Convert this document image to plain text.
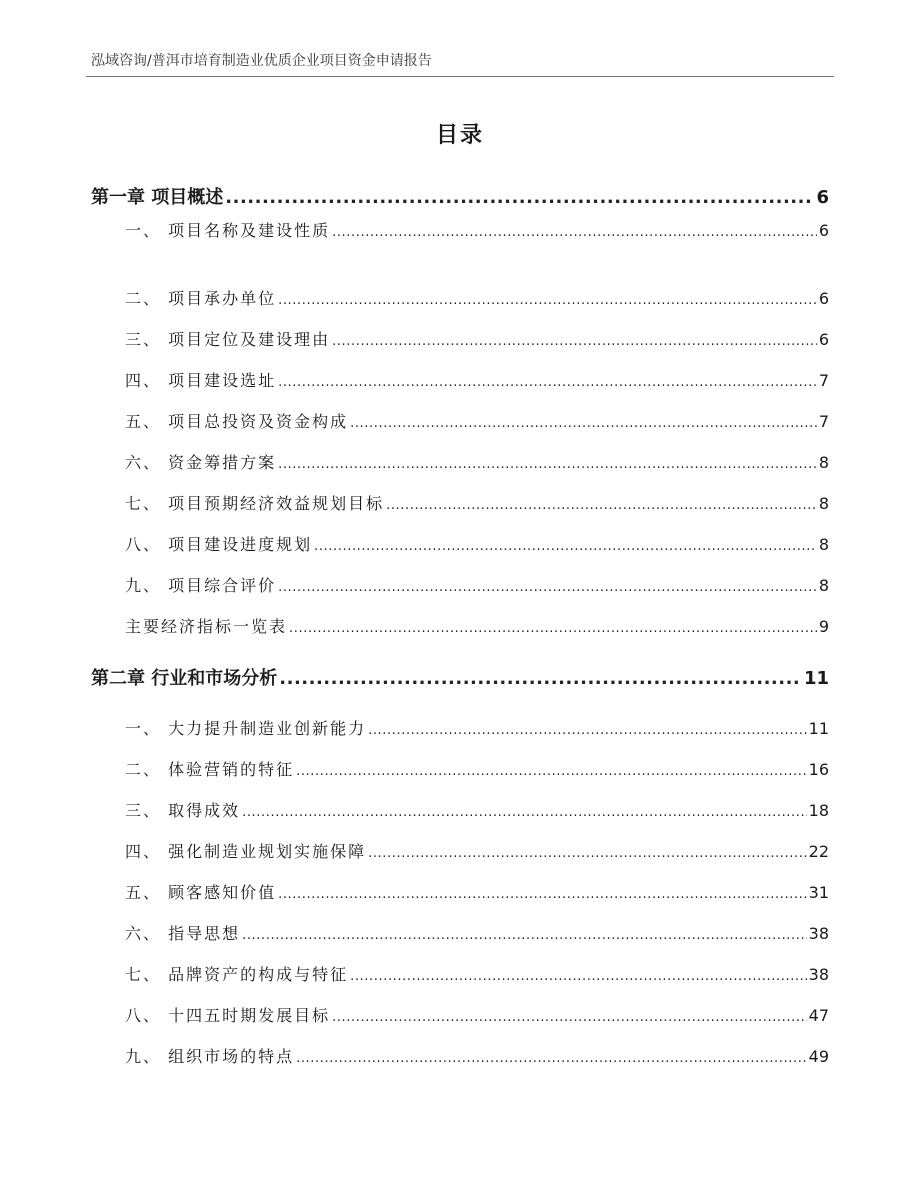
泓域咨询/普洱市培育制造业优质企业项目资金申请报告
目录
第一章 项目概述 .....	6
一、 项目名称及建设性质 .....	6
二、 项目承办单位 .....	6
三、 项目定位及建设理由 .....	6
四、 项目建设选址 .....	7
五、 项目总投资及资金构成 .....	7
六、 资金筹措方案 .....	8
七、 项目预期经济效益规划目标 .....	8
八、 项目建设进度规划 .....	8
九、 项目综合评价 .....	8
主要经济指标一览表 .....	9
第二章 行业和市场分析 .....	11
一、 大力提升制造业创新能力 .....	11
二、 体验营销的特征 .....	16
三、 取得成效 .....	18
四、 强化制造业规划实施保障 .....	22
五、 顾客感知价值 .....	31
六、 指导思想 .....	38
七、 品牌资产的构成与特征 .....	38
八、 十四五时期发展目标 .....	47
九、 组织市场的特点 .....	49
